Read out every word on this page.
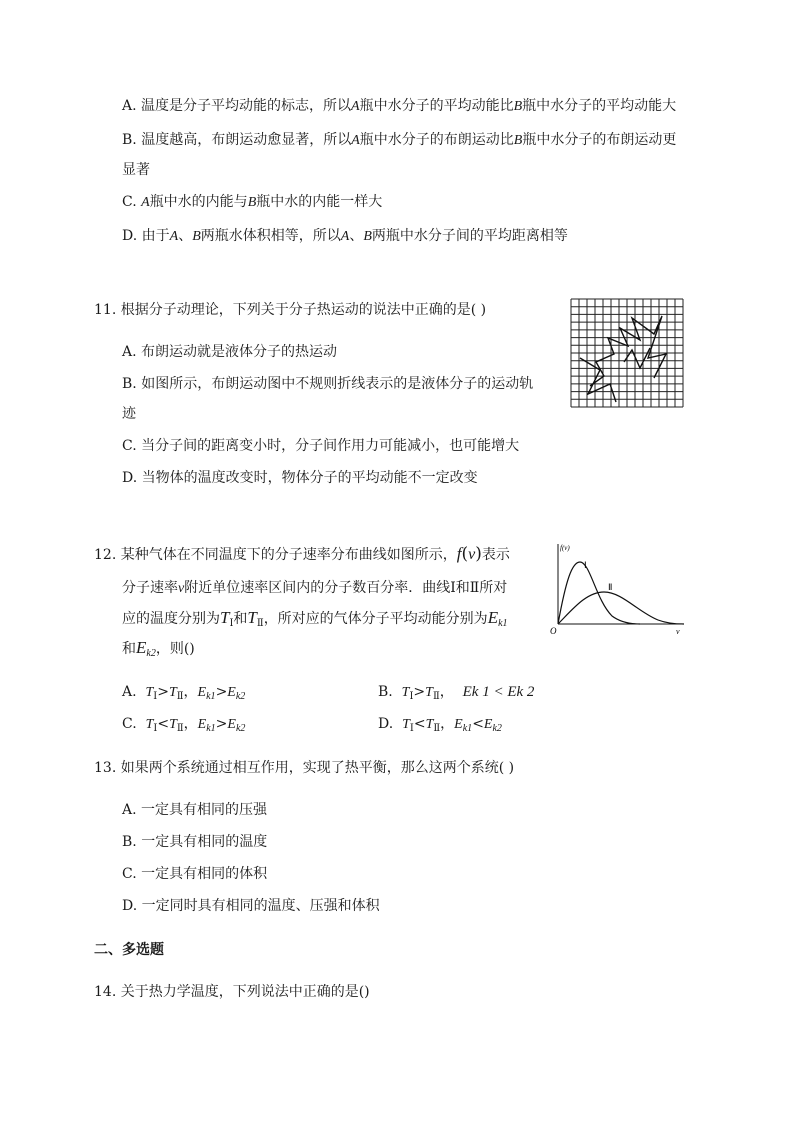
A. 温度是分子平均动能的标志，所以A瓶中水分子的平均动能比B瓶中水分子的平均动能大
B. 温度越高，布朗运动愈显著，所以A瓶中水分子的布朗运动比B瓶中水分子的布朗运动更
显著
C. A瓶中水的内能与B瓶中水的内能一样大
D. 由于A、B两瓶水体积相等，所以A、B两瓶中水分子间的平均距离相等
11. 根据分子动理论，下列关于分子热运动的说法中正确的是( )
A. 布朗运动就是液体分子的热运动
B. 如图所示，布朗运动图中不规则折线表示的是液体分子的运动轨
迹
C. 当分子间的距离变小时，分子间作用力可能减小，也可能增大
D. 当物体的温度改变时，物体分子的平均动能不一定改变
12. 某种气体在不同温度下的分子速率分布曲线如图所示，f(v)表示
分子速率v附近单位速率区间内的分子数百分率．曲线Ⅰ和Ⅱ所对
应的温度分别为$T_Ⅰ$和$T_Ⅱ$，所对应的气体分子平均动能分别为$E_{k1}$
和$E_{k2}$，则()
f(v)
Ⅰ
Ⅱ
O	v
A. $T_Ⅰ>T_Ⅱ$，$E_{k1}>E_{k2}$	B. $T_Ⅰ>T_Ⅱ$， Ek 1 < Ek 2
C. $T_Ⅰ<T_Ⅱ$，$E_{k1}>E_{k2}$	D. $T_Ⅰ<T_Ⅱ$，$E_{k1}<E_{k2}$
13. 如果两个系统通过相互作用，实现了热平衡，那么这两个系统( )
A. 一定具有相同的压强
B. 一定具有相同的温度
C. 一定具有相同的体积
D. 一定同时具有相同的温度、压强和体积
二、多选题
14. 关于热力学温度，下列说法中正确的是()
